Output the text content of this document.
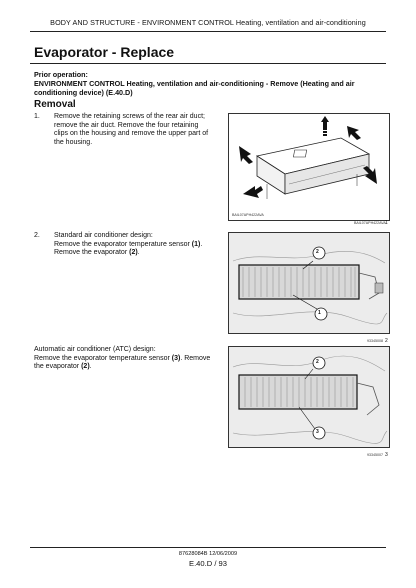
BODY AND STRUCTURE - ENVIRONMENT CONTROL Heating, ventilation and air-conditioning
Evaporator - Replace
Prior operation:
ENVIRONMENT CONTROL Heating, ventilation and air-conditioning - Remove (Heating and air conditioning device) (E.40.D)
Removal
1. Remove the retaining screws of the rear air duct; remove the air duct. Remove the four retaining clips on the housing and remove the upper part of the housing.
2. Standard air conditioner design:
Remove the evaporator temperature sensor (1). Remove the evaporator (2).
Automatic air conditioner (ATC) design:
Remove the evaporator temperature sensor (3). Remove the evaporator (2).
BAIL07APH422AVA
BAIL07APH422AVA 1
2
1
93345008 2
2
3
93345007 3
87628084B 12/06/2009
E.40.D / 93
